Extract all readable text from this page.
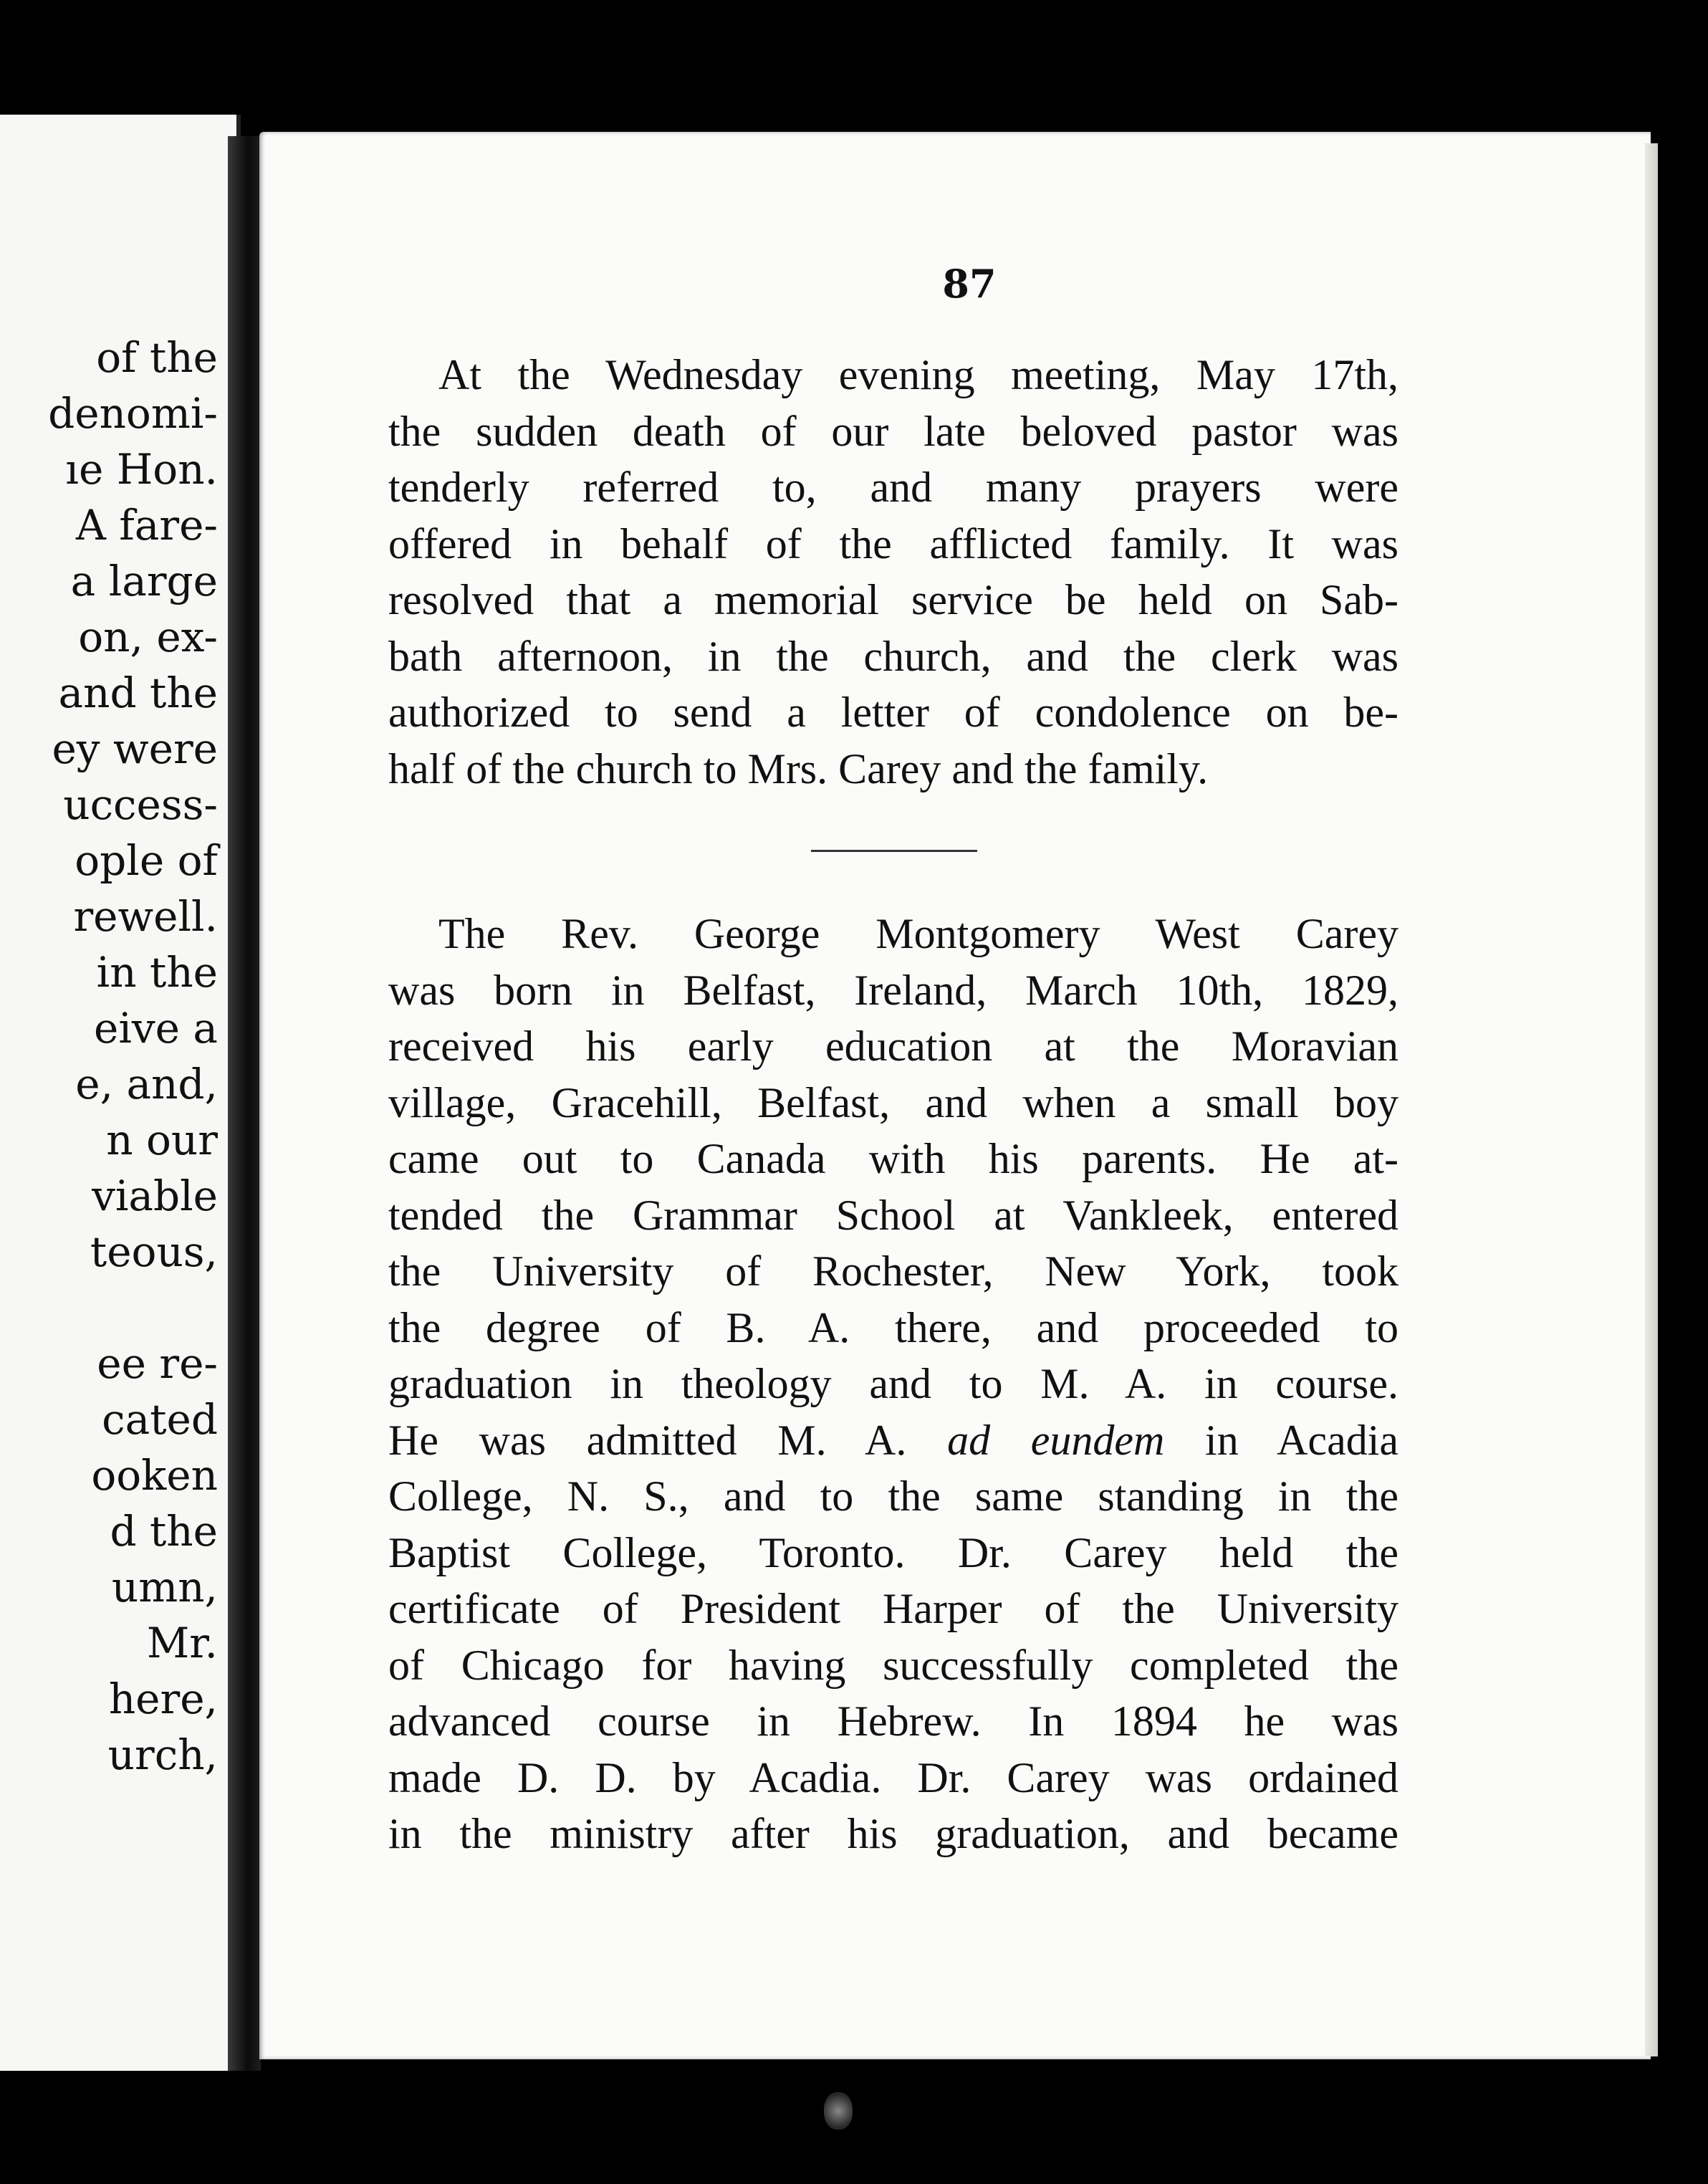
of the
denomi-
ıe Hon.
A fare-
a large
on, ex-
and the
ey were
uccess-
ople of
rewell.
in the
eive a
e, and,
n our
viable
teous,

ee re-
cated
ooken
d the
umn,
Mr.
here,
urch,
87
At the Wednesday evening meeting, May 17th,
the sudden death of our late beloved pastor was
tenderly referred to, and many prayers were
offered in behalf of the afflicted family. It was
resolved that a memorial service be held on Sab-
bath afternoon, in the church, and the clerk was
authorized to send a letter of condolence on be-
half of the church to Mrs. Carey and the family.
The Rev. George Montgomery West Carey
was born in Belfast, Ireland, March 10th, 1829,
received his early education at the Moravian
village, Gracehill, Belfast, and when a small boy
came out to Canada with his parents. He at-
tended the Grammar School at Vankleek, entered
the University of Rochester, New York, took
the degree of B. A. there, and proceeded to
graduation in theology and to M. A. in course.
He was admitted M. A. ad eundem in Acadia
College, N. S., and to the same standing in the
Baptist College, Toronto. Dr. Carey held the
certificate of President Harper of the University
of Chicago for having successfully completed the
advanced course in Hebrew. In 1894 he was
made D. D. by Acadia. Dr. Carey was ordained
in the ministry after his graduation, and became
